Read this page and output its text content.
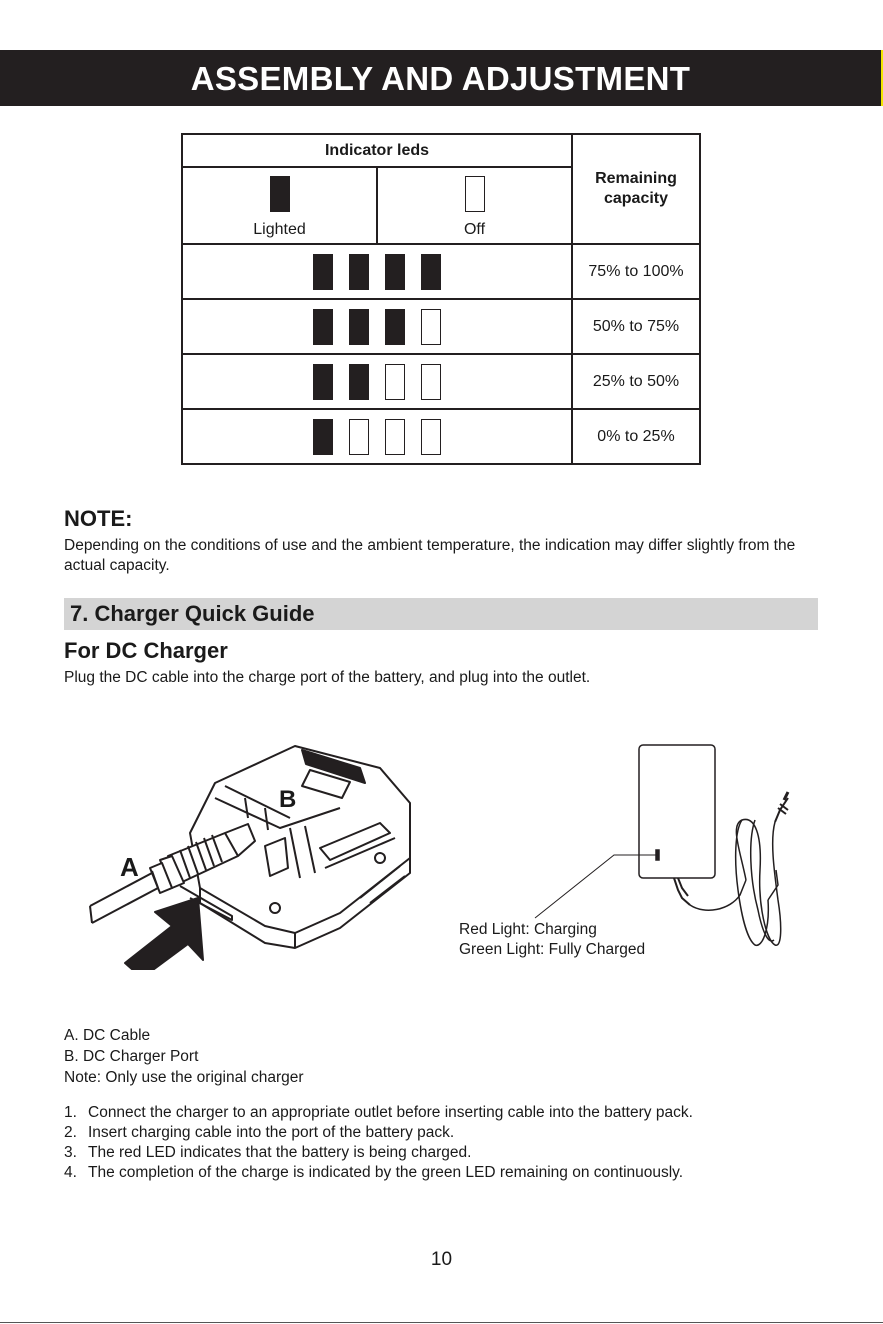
ASSEMBLY AND ADJUSTMENT
Indicator leds		Remaining capacity

Lighted	Off	

		75% to 100%
		50% to 75%
		25% to 50%
		0% to 25%
NOTE:
Depending on the conditions of use and the ambient temperature, the indication may differ slightly from the actual capacity.
7. Charger Quick Guide
For DC Charger
Plug the DC cable into the charge port of the battery, and plug into the outlet.
A
B
Red Light: Charging
Green Light: Fully Charged
A. DC Cable
B. DC Charger Port
Note: Only use the original charger
1. Connect the charger to an appropriate outlet before inserting cable into the battery pack.
2. Insert charging cable into the port of the battery pack.
3. The red LED indicates that the battery is being charged.
4. The completion of the charge is indicated by the green LED remaining on continuously.
10
